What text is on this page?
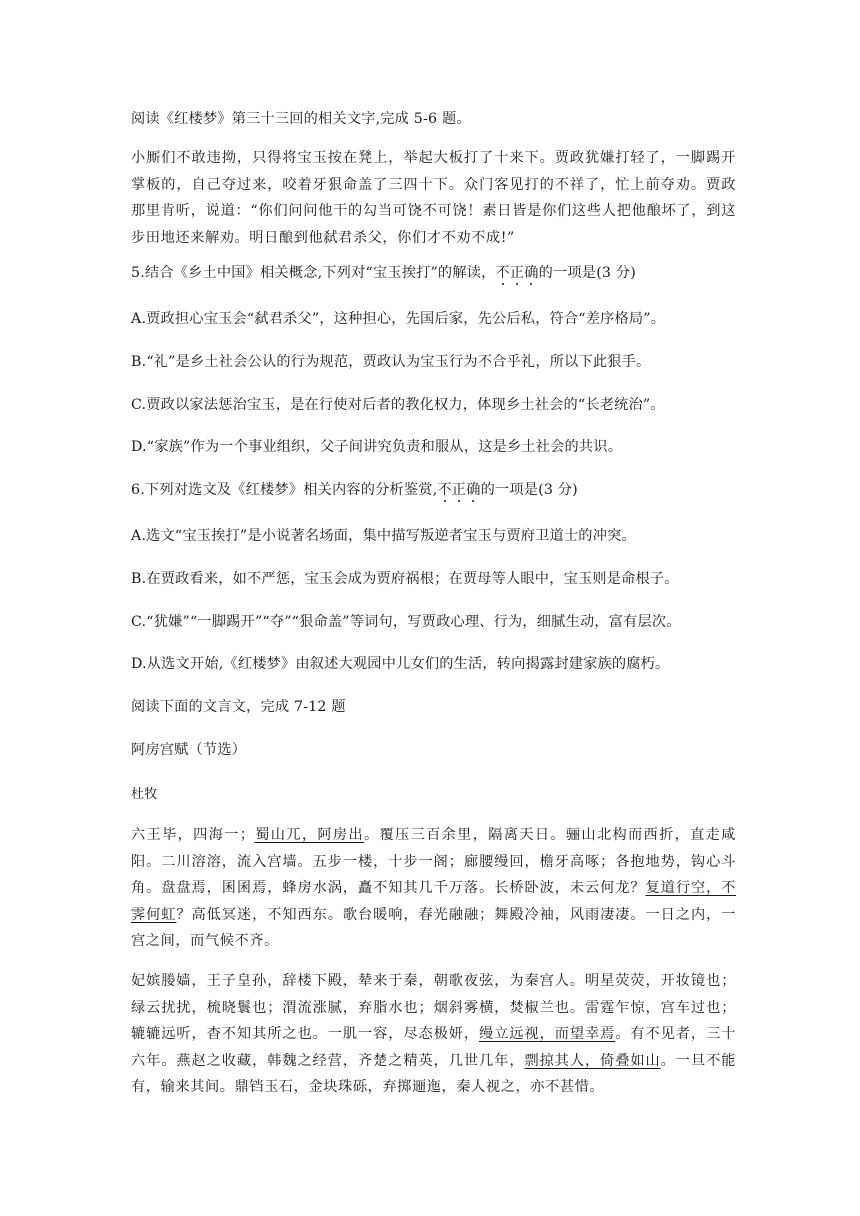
阅读《红楼梦》第三十三回的相关文字,完成 5-6 题。
小厮们不敢违拗，只得将宝玉按在凳上，举起大板打了十来下。贾政犹嫌打轻了，一脚踢开掌板的，自己夺过来，咬着牙狠命盖了三四十下。众门客见打的不祥了，忙上前夺劝。贾政那里肯听，说道：“你们问问他干的勾当可饶不可饶！素日皆是你们这些人把他酿坏了，到这步田地还来解劝。明日酿到他弑君杀父，你们才不劝不成!”
5.结合《乡土中国》相关概念,下列对“宝玉挨打”的解读，不正确的一项是(3 分)
A.贾政担心宝玉会“弑君杀父”，这种担心，先国后家，先公后私，符合“差序格局”。
B.“礼”是乡土社会公认的行为规范，贾政认为宝玉行为不合乎礼，所以下此狠手。
C.贾政以家法惩治宝玉，是在行使对后者的教化权力，体现乡土社会的“长老统治”。
D.“家族”作为一个事业组织，父子间讲究负责和服从，这是乡土社会的共识。
6.下列对选文及《红楼梦》相关内容的分析鉴赏,不正确的一项是(3 分)
A.选文“宝玉挨打”是小说著名场面，集中描写叛逆者宝玉与贾府卫道士的冲突。
B.在贾政看来，如不严惩，宝玉会成为贾府祸根；在贾母等人眼中，宝玉则是命根子。
C.“犹嫌”“一脚踢开”“夺”“狠命盖”等词句，写贾政心理、行为，细腻生动，富有层次。
D.从选文开始,《红楼梦》由叙述大观园中儿女们的生活，转向揭露封建家族的腐朽。
阅读下面的文言文，完成 7-12 题
阿房宫赋（节选）
杜牧
六王毕，四海一；蜀山兀，阿房出。覆压三百余里，隔离天日。骊山北构而西折，直走咸阳。二川溶溶，流入宫墙。五步一楼，十步一阁；廊腰缦回，檐牙高啄；各抱地势，钩心斗角。盘盘焉，囷囷焉，蜂房水涡，矗不知其几千万落。长桥卧波，未云何龙？复道行空，不霁何虹？高低冥迷，不知西东。歌台暖响，春光融融；舞殿冷袖，风雨凄凄。一日之内，一宫之间，而气候不齐。
妃嫔媵嫱，王子皇孙，辞楼下殿，辇来于秦，朝歌夜弦，为秦宫人。明星荧荧，开妆镜也；绿云扰扰，梳晓鬟也；渭流涨腻，弃脂水也；烟斜雾横，焚椒兰也。雷霆乍惊，宫车过也；辘辘远听，杳不知其所之也。一肌一容，尽态极妍，缦立远视，而望幸焉。有不见者，三十六年。燕赵之收藏，韩魏之经营，齐楚之精英，几世几年，剽掠其人，倚叠如山。一旦不能有，输来其间。鼎铛玉石，金块珠砾，弃掷逦迤，秦人视之，亦不甚惜。
